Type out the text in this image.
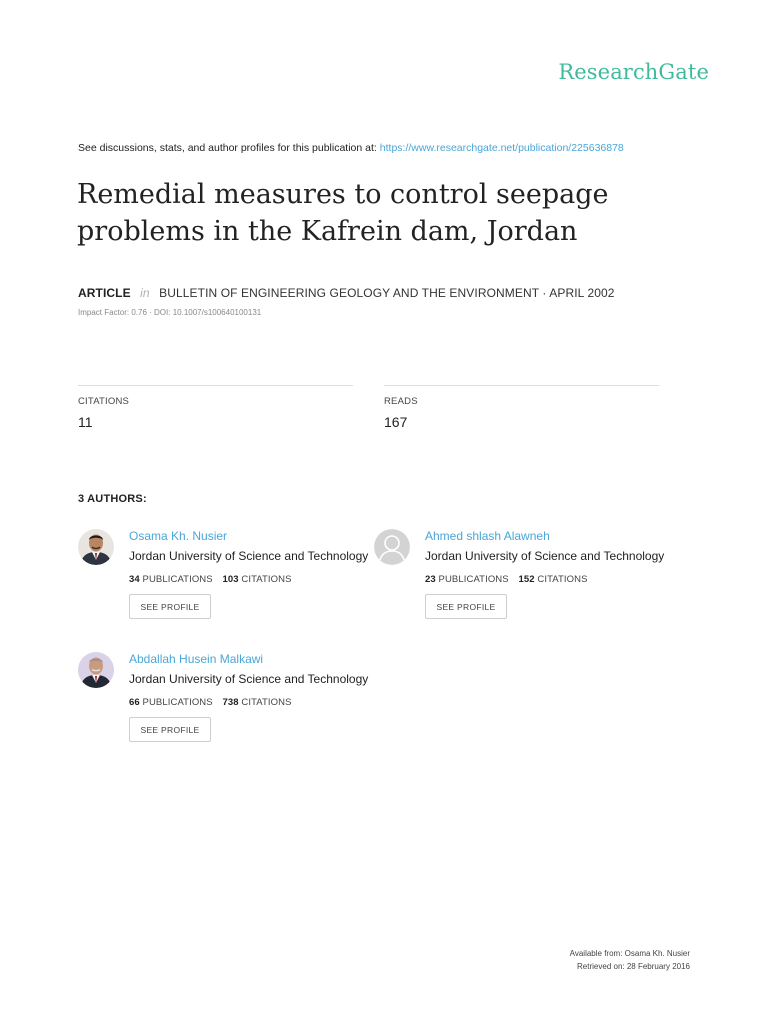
ResearchGate
See discussions, stats, and author profiles for this publication at: https://www.researchgate.net/publication/225636878
Remedial measures to control seepage problems in the Kafrein dam, Jordan
ARTICLE in BULLETIN OF ENGINEERING GEOLOGY AND THE ENVIRONMENT · APRIL 2002
Impact Factor: 0.76 · DOI: 10.1007/s100640100131
CITATIONS
11
READS
167
3 AUTHORS:
Osama Kh. Nusier
Jordan University of Science and Technology
34 PUBLICATIONS 103 CITATIONS
SEE PROFILE
Ahmed shlash Alawneh
Jordan University of Science and Technology
23 PUBLICATIONS 152 CITATIONS
SEE PROFILE
Abdallah Husein Malkawi
Jordan University of Science and Technology
66 PUBLICATIONS 738 CITATIONS
SEE PROFILE
Available from: Osama Kh. Nusier
Retrieved on: 28 February 2016
